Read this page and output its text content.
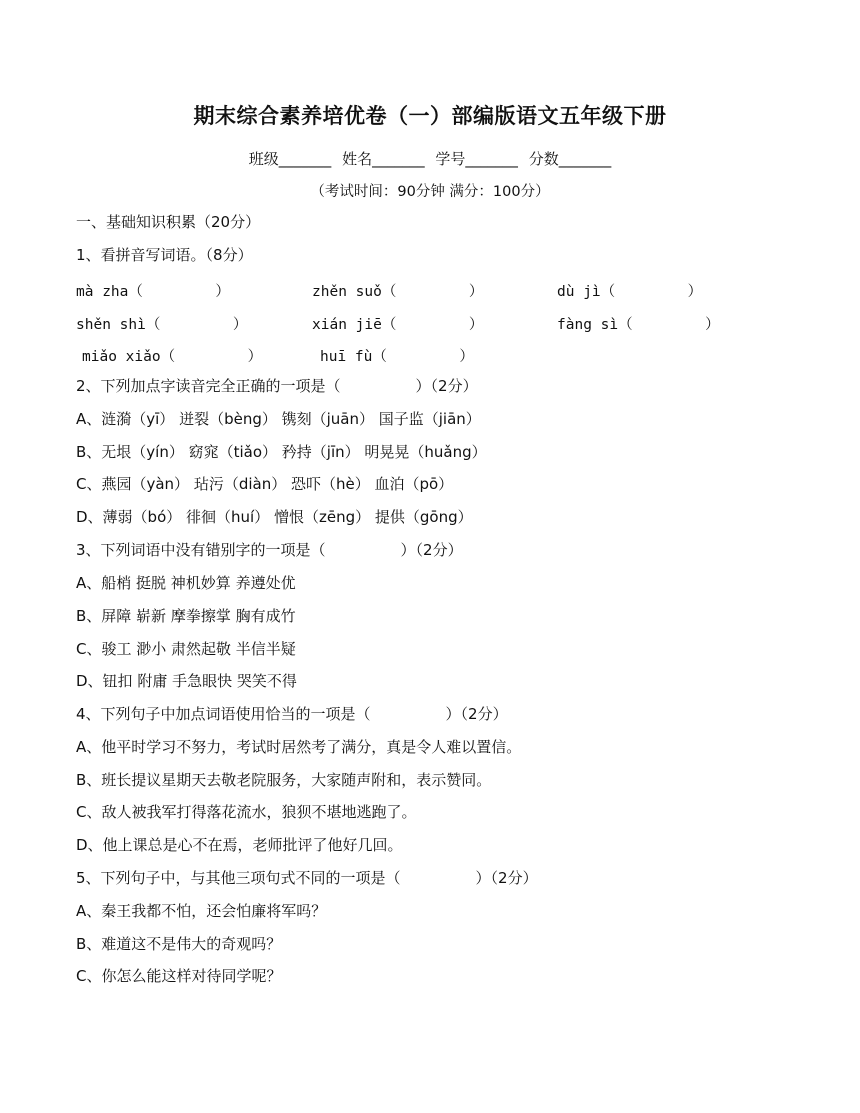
期末综合素养培优卷（一）部编版语文五年级下册
班级_______ 姓名_______ 学号_______ 分数_______
（考试时间：90分钟 满分：100分）
一、基础知识积累（20分）
1、看拼音写词语。（8分）
mà zha（　　　　　）	zhěn suǒ（　　　　　）	dù jì（　　　　　）
shěn shì（　　　　　）	xián jiē（　　　　　）	fàng sì（　　　　　）
miǎo xiǎo（　　　　　）	huī fù（　　　　　）
2、下列加点字读音完全正确的一项是（　　　　　）（2分）
A、涟漪（yī） 迸裂（bèng） 镌刻（juān） 国子监（jiān）
B、无垠（yín） 窈窕（tiǎo） 矜持（jīn） 明晃晃（huǎng）
C、燕园（yàn） 玷污（diàn） 恐吓（hè） 血泊（pō）
D、薄弱（bó） 徘徊（huí） 憎恨（zēng） 提供（gōng）
3、下列词语中没有错别字的一项是（　　　　　）（2分）
A、船梢 挺脱 神机妙算 养遵处优
B、屏障 崭新 摩拳擦掌 胸有成竹
C、骏工 渺小 肃然起敬 半信半疑
D、钮扣 附庸 手急眼快 哭笑不得
4、下列句子中加点词语使用恰当的一项是（　　　　　）（2分）
A、他平时学习不努力，考试时居然考了满分，真是令人难以置信。
B、班长提议星期天去敬老院服务，大家随声附和，表示赞同。
C、敌人被我军打得落花流水，狼狈不堪地逃跑了。
D、他上课总是心不在焉，老师批评了他好几回。
5、下列句子中，与其他三项句式不同的一项是（　　　　　）（2分）
A、秦王我都不怕，还会怕廉将军吗？
B、难道这不是伟大的奇观吗？
C、你怎么能这样对待同学呢？
